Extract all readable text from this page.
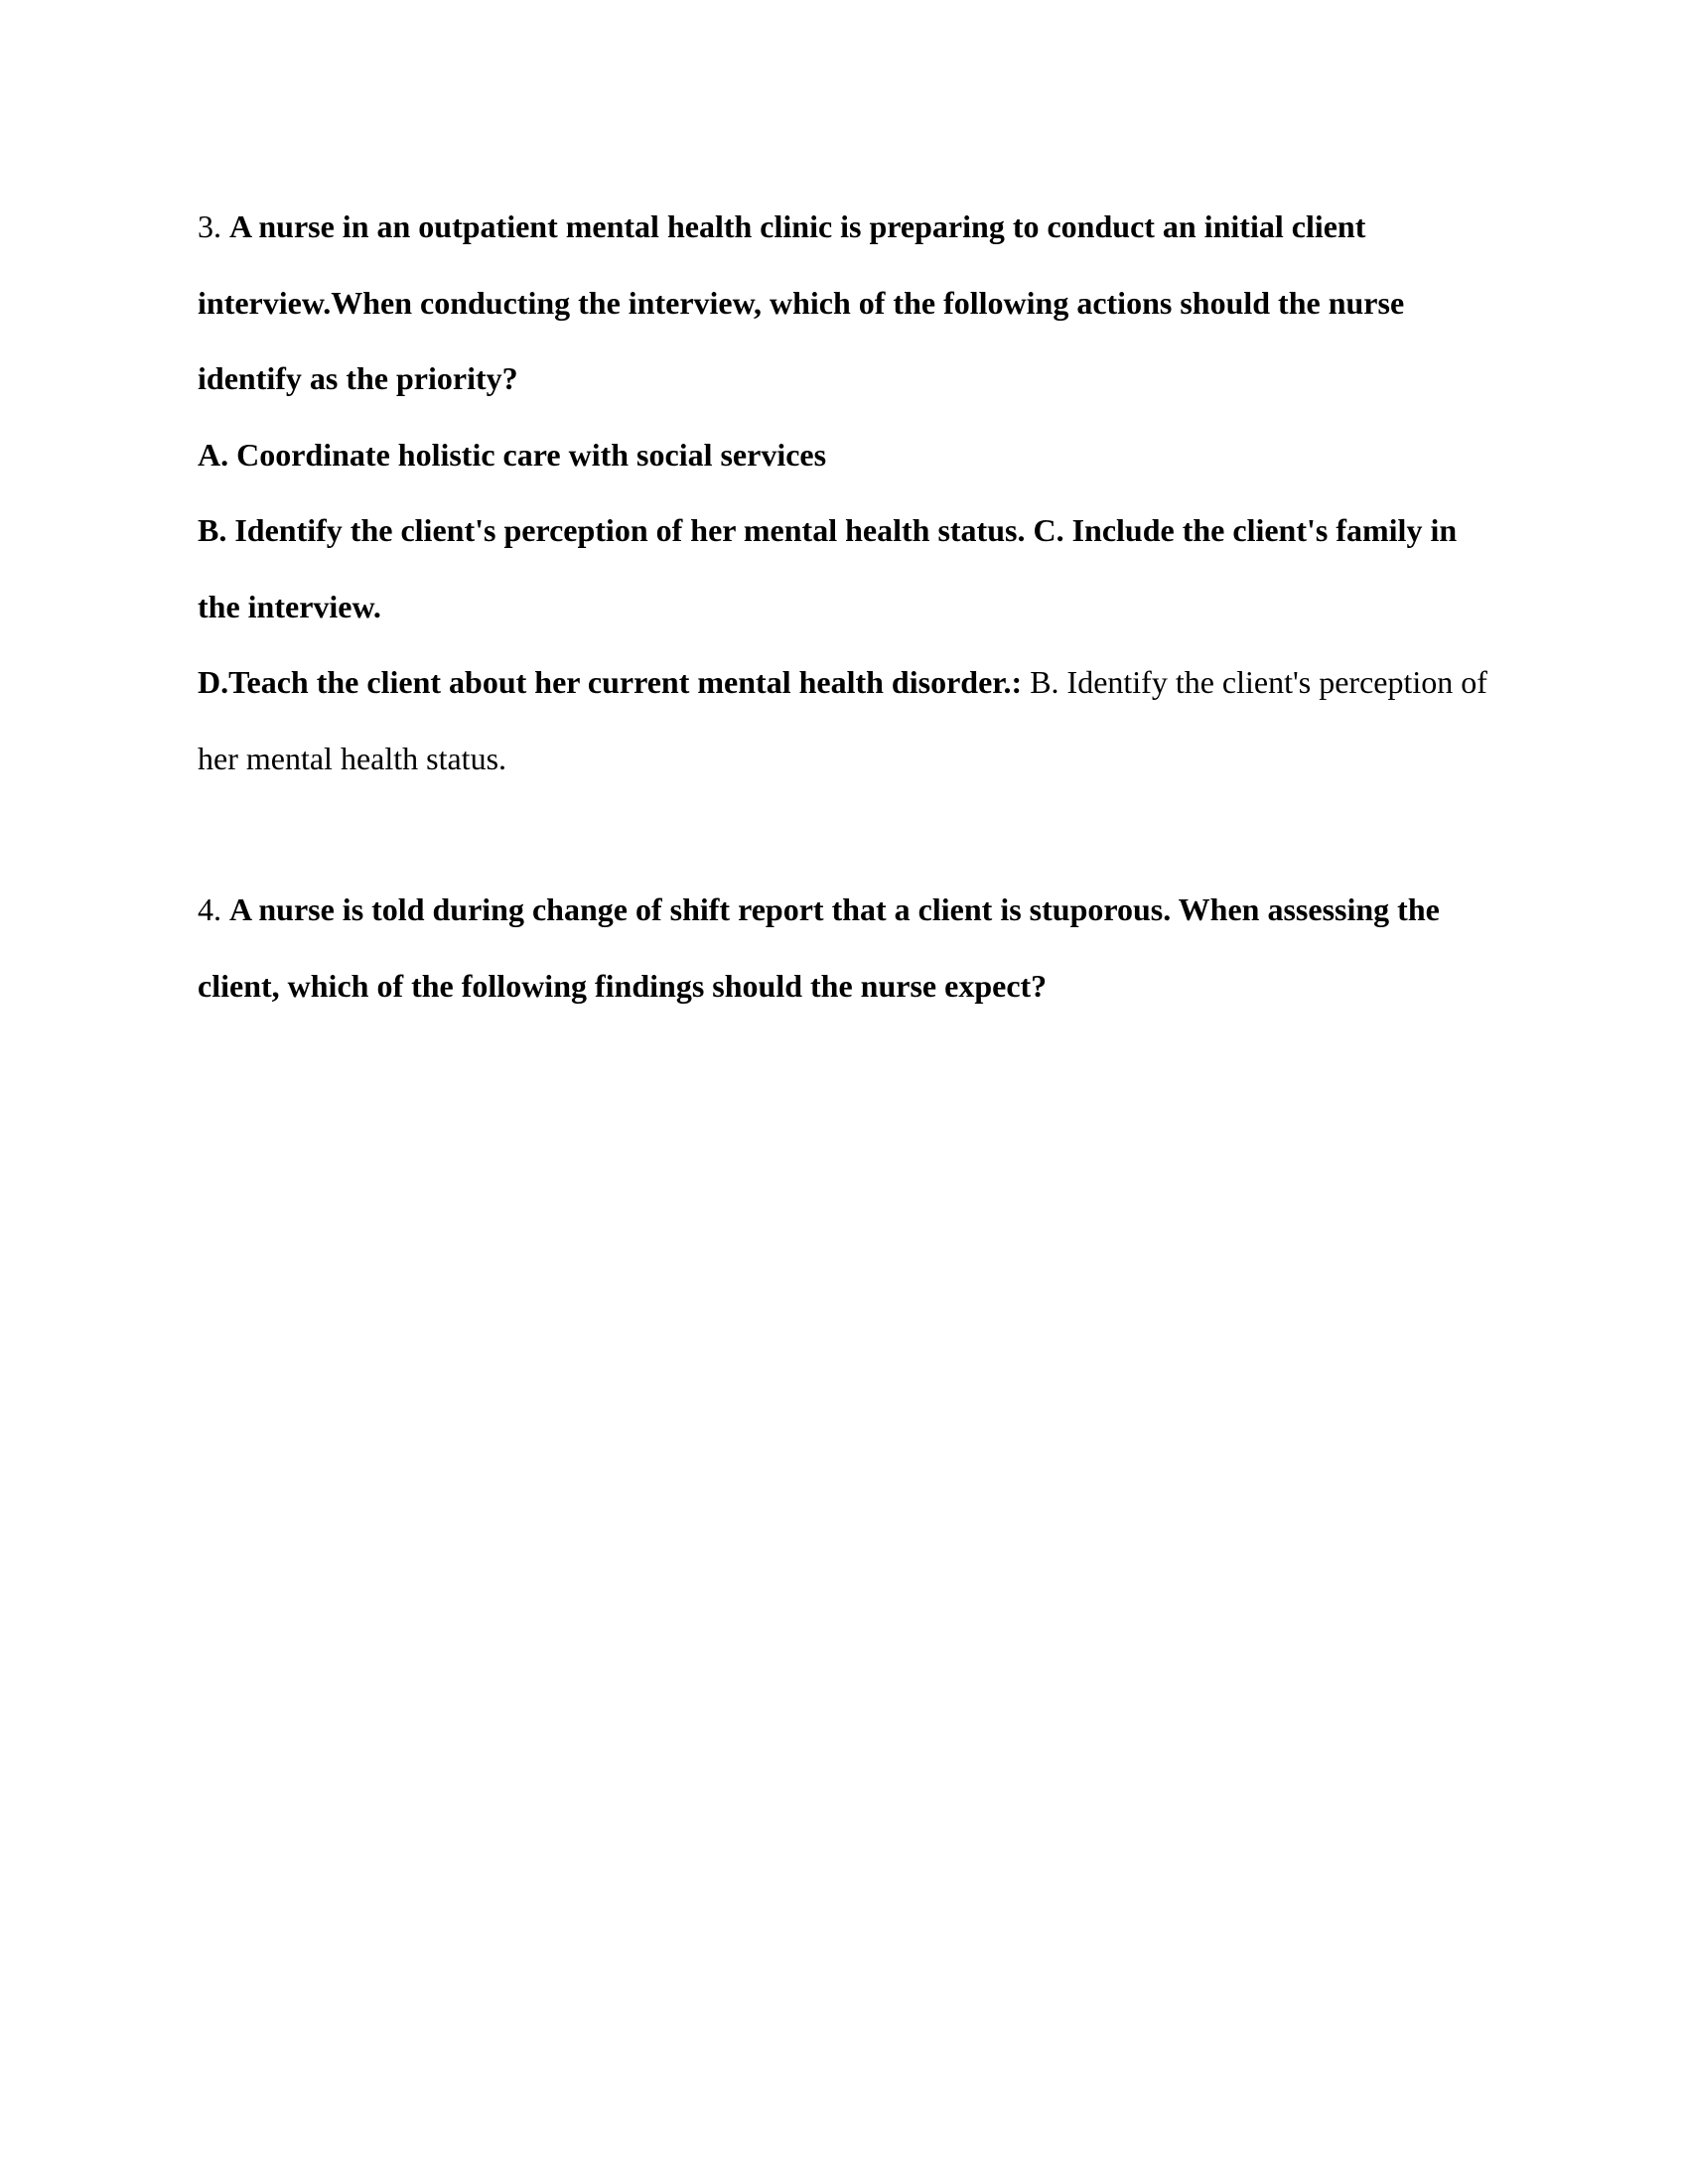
3. A nurse in an outpatient mental health clinic is preparing to conduct an initial client interview.When conducting the interview, which of the following actions should the nurse identify as the priority?

A. Coordinate holistic care with social services

B. Identify the client's perception of her mental health status. C. Include the client's family in the interview.

D.Teach the client about her current mental health disorder.: B. Identify the client's perception of her mental health status.

4. A nurse is told during change of shift report that a client is stuporous. When assessing the client, which of the following findings should the nurse expect?
